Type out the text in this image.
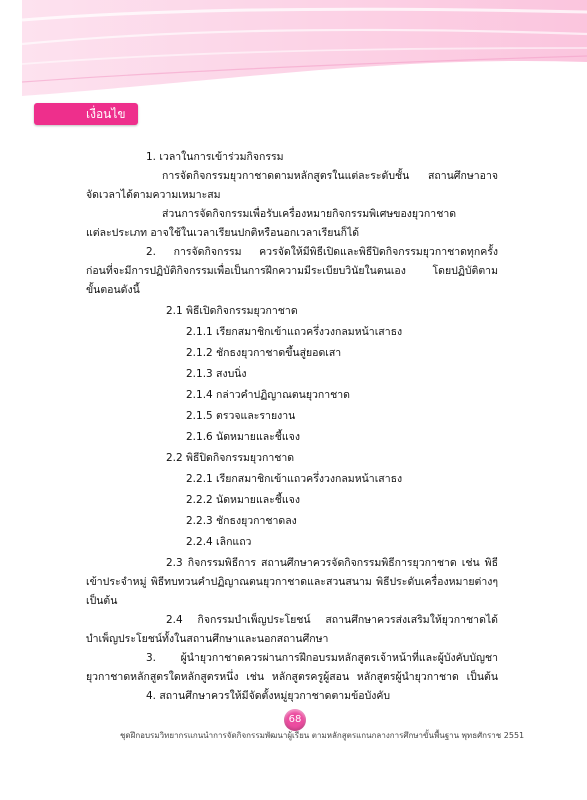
เงื่อนไข
1. เวลาในการเข้าร่วมกิจกรรม
การจัดกิจกรรมยุวกาชาดตามหลักสูตรในแต่ละระดับชั้น สถานศึกษาอาจ
จัดเวลาได้ตามความเหมาะสม
ส่วนการจัดกิจกรรมเพื่อรับเครื่องหมายกิจกรรมพิเศษของยุวกาชาด
แต่ละประเภท อาจใช้ในเวลาเรียนปกติหรือนอกเวลาเรียนก็ได้
2. การจัดกิจกรรม ควรจัดให้มีพิธีเปิดและพิธีปิดกิจกรรมยุวกาชาดทุกครั้ง
ก่อนที่จะมีการปฏิบัติกิจกรรมเพื่อเป็นการฝึกความมีระเบียบวินัยในตนเอง โดยปฏิบัติตาม
ขั้นตอนดังนี้
2.1 พิธีเปิดกิจกรรมยุวกาชาด
2.1.1 เรียกสมาชิกเข้าแถวครึ่งวงกลมหน้าเสาธง
2.1.2 ชักธงยุวกาชาดขึ้นสู่ยอดเสา
2.1.3 สงบนิ่ง
2.1.4 กล่าวคำปฏิญาณตนยุวกาชาด
2.1.5 ตรวจและรายงาน
2.1.6 นัดหมายและชี้แจง
2.2 พิธีปิดกิจกรรมยุวกาชาด
2.2.1 เรียกสมาชิกเข้าแถวครึ่งวงกลมหน้าเสาธง
2.2.2 นัดหมายและชี้แจง
2.2.3 ชักธงยุวกาชาดลง
2.2.4 เลิกแถว
2.3 กิจกรรมพิธีการ สถานศึกษาควรจัดกิจกรรมพิธีการยุวกาชาด เช่น พิธี
เข้าประจำหมู่ พิธีทบทวนคำปฏิญาณตนยุวกาชาดและสวนสนาม พิธีประดับเครื่องหมายต่างๆ
เป็นต้น
2.4 กิจกรรมบำเพ็ญประโยชน์ สถานศึกษาควรส่งเสริมให้ยุวกาชาดได้
บำเพ็ญประโยชน์ทั้งในสถานศึกษาและนอกสถานศึกษา
3. ผู้นำยุวกาชาดควรผ่านการฝึกอบรมหลักสูตรเจ้าหน้าที่และผู้บังคับบัญชา
ยุวกาชาดหลักสูตรใดหลักสูตรหนึ่ง เช่น หลักสูตรครูผู้สอน หลักสูตรผู้นำยุวกาชาด เป็นต้น
4. สถานศึกษาควรให้มีจัดตั้งหมู่ยุวกาชาดตามข้อบังคับ
68
ชุดฝึกอบรมวิทยากรแกนนำการจัดกิจกรรมพัฒนาผู้เรียน ตามหลักสูตรแกนกลางการศึกษาขั้นพื้นฐาน พุทธศักราช 2551
